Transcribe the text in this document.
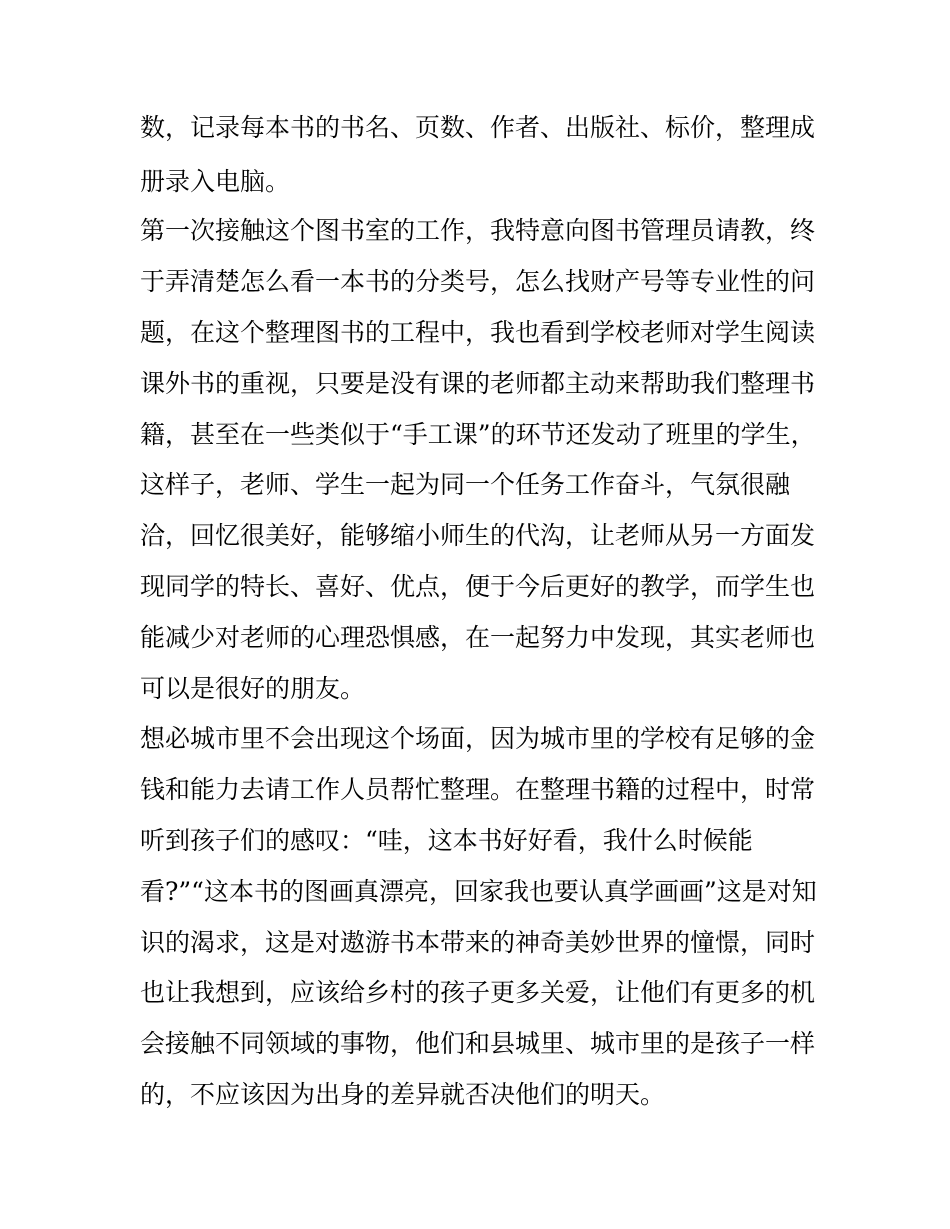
数，记录每本书的书名、页数、作者、出版社、标价，整理成
册录入电脑。
第一次接触这个图书室的工作，我特意向图书管理员请教，终
于弄清楚怎么看一本书的分类号，怎么找财产号等专业性的问
题，在这个整理图书的工程中，我也看到学校老师对学生阅读
课外书的重视，只要是没有课的老师都主动来帮助我们整理书
籍，甚至在一些类似于“手工课”的环节还发动了班里的学生，
这样子，老师、学生一起为同一个任务工作奋斗，气氛很融
洽，回忆很美好，能够缩小师生的代沟，让老师从另一方面发
现同学的特长、喜好、优点，便于今后更好的教学，而学生也
能减少对老师的心理恐惧感，在一起努力中发现，其实老师也
可以是很好的朋友。
想必城市里不会出现这个场面，因为城市里的学校有足够的金
钱和能力去请工作人员帮忙整理。在整理书籍的过程中，时常
听到孩子们的感叹：“哇，这本书好好看，我什么时候能
看?”“这本书的图画真漂亮，回家我也要认真学画画”这是对知
识的渴求，这是对遨游书本带来的神奇美妙世界的憧憬，同时
也让我想到，应该给乡村的孩子更多关爱，让他们有更多的机
会接触不同领域的事物，他们和县城里、城市里的是孩子一样
的，不应该因为出身的差异就否决他们的明天。
